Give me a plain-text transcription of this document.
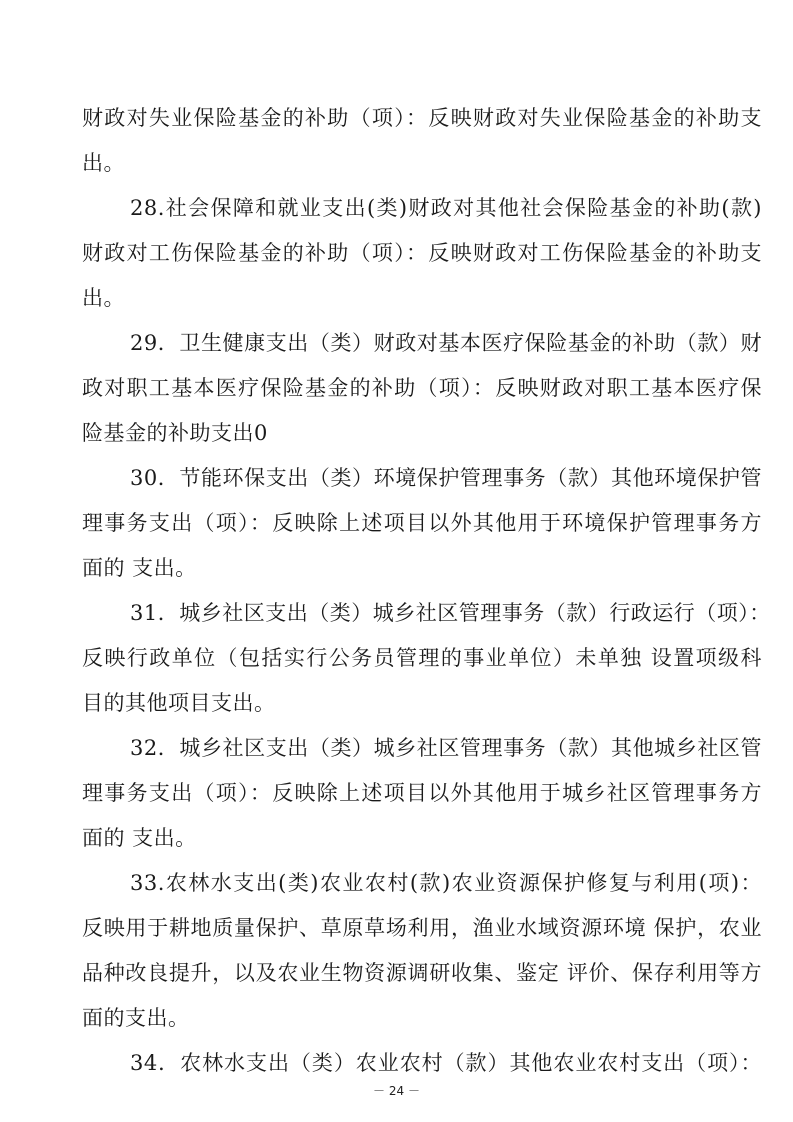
财政对失业保险基金的补助（项）：反映财政对失业保险基金的补助支
出。
28.社会保障和就业支出(类)财政对其他社会保险基金的补助(款)
财政对工伤保险基金的补助（项）：反映财政对工伤保险基金的补助支
出。
29．卫生健康支出（类）财政对基本医疗保险基金的补助（款）财
政对职工基本医疗保险基金的补助（项）：反映财政对职工基本医疗保
险基金的补助支出0
30．节能环保支出（类）环境保护管理事务（款）其他环境保护管
理事务支出（项）：反映除上述项目以外其他用于环境保护管理事务方
面的 支出。
31．城乡社区支出（类）城乡社区管理事务（款）行政运行（项）：
反映行政单位（包括实行公务员管理的事业单位）未单独 设置项级科
目的其他项目支出。
32．城乡社区支出（类）城乡社区管理事务（款）其他城乡社区管
理事务支出（项）：反映除上述项目以外其他用于城乡社区管理事务方
面的 支出。
33.农林水支出(类)农业农村(款)农业资源保护修复与利用(项)：
反映用于耕地质量保护、草原草场利用，渔业水域资源环境 保护，农业
品种改良提升，以及农业生物资源调研收集、鉴定 评价、保存利用等方
面的支出。
34．农林水支出（类）农业农村（款）其他农业农村支出（项）：
－ 24 －
